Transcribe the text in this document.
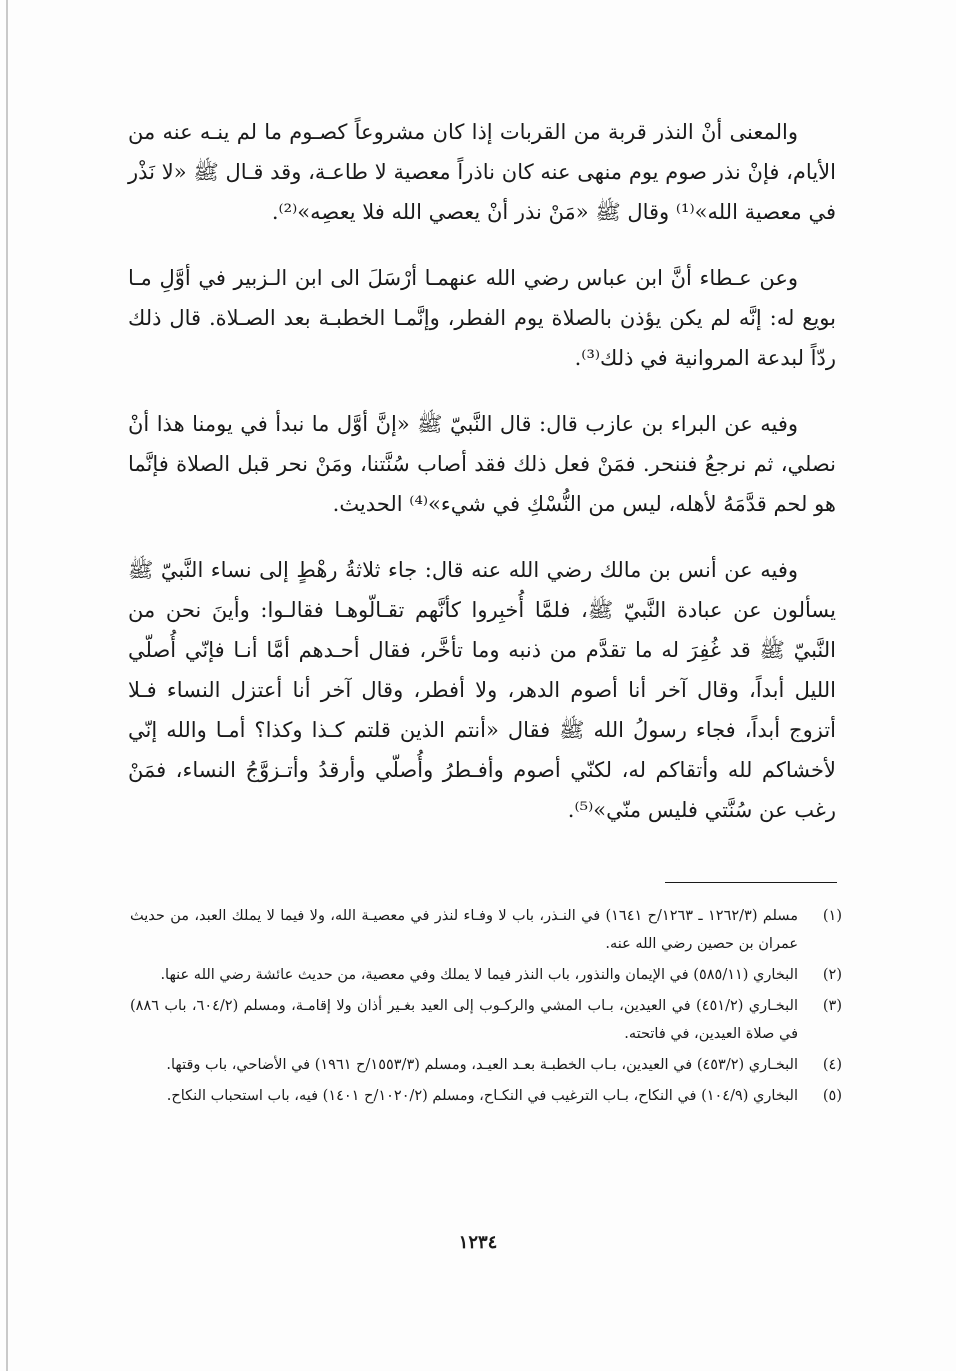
والمعنى أنْ النذر قربة من القربات إذا كان مشروعاً كصـوم ما لم ينـه عنه من الأيام، فإنْ نذر صوم يوم منهى عنه كان ناذراً معصية لا طاعـة، وقد قـال ﷺ «لا نَذْر في معصية الله»⁽¹⁾ وقال ﷺ «مَنْ نذر أنْ يعصي الله فلا يعصِه»⁽²⁾.

وعن عـطاء أنَّ ابن عباس رضي الله عنهمـا أرْسَلَ الى ابن الـزبير في أوَّلِ مـا بويع له: إنَّه لم يكن يؤذن بالصلاة يوم الفطر، وإنَّمـا الخطبـة بعد الصـلاة. قال ذلك ردّاً لبدعة المروانية في ذلك⁽³⁾.

وفيه عن البراء بن عازب قال: قال النَّبيّ ﷺ «إنَّ أوَّل ما نبدأ في يومنا هذا أنْ نصلي، ثم نرجعُ فننحر. فمَنْ فعل ذلك فقد أصاب سُنَّتنا، ومَنْ نحر قبل الصلاة فإنَّما هو لحم قدَّمَهُ لأهله، ليس من النُّسْكِ في شيء»⁽⁴⁾ الحديث.

وفيه عن أنس بن مالك رضي الله عنه قال: جاء ثلاثةُ رهْطٍ إلى نساء النَّبيّ ﷺ يسألون عن عبادة النَّبيّ ﷺ، فلمَّا أُخبِروا كأنَّهم تقـالّوهـا فقالـوا: وأينَ نحن من النَّبيّ ﷺ قد غُفِرَ له ما تقدَّم من ذنبه وما تأخَّر، فقال أحـدهم أمَّا أنـا فإنّي أُصلّي الليل أبداً، وقال آخر أنا أصوم الدهر، ولا أفطر، وقال آخر أنا أعتزل النساء فـلا أتزوج أبداً، فجاء رسولُ الله ﷺ فقال «أنتم الذين قلتم كـذا وكذا؟ أمـا والله إنّي لأخشاكم لله وأتقاكم له، لكنّي أصوم وأفـطرُ وأُصلّي وأرقدُ وأتـزوَّجُ النساء، فمَنْ رغب عن سُنَّتي فليس منّي»⁽⁵⁾.

(١)
مسلم (١٢٦٢/٣ ـ ١٢٦٣/ح ١٦٤١) في النـذر، باب لا وفـاء لنذر في معصيـة الله، ولا فيما لا يملك العبد، من حديث عمران بن حصين رضي الله عنه.
(٢)
البخاري (٥٨٥/١١) في الإيمان والنذور، باب النذر فيما لا يملك وفي معصية، من حديث عائشة رضي الله عنها.
(٣)
البخـاري (٤٥١/٢) في العيدين، بـاب المشي والركـوب إلى العيد بغـير أذان ولا إقامـة، ومسلم (٦٠٤/٢، باب ٨٨٦) في صلاة العيدين، في فاتحته.
(٤)
البخـاري (٤٥٣/٢) في العيدين، بـاب الخطبـة بعـد العيـد، ومسلم (١٥٥٣/٣/ح ١٩٦١) في الأضاحي، باب وقتها.
(٥)
البخاري (١٠٤/٩) في النكاح، بـاب الترغيب في النكـاح، ومسلم (١٠٢٠/٢/ح ١٤٠١) فيه، باب استحباب النكاح.
١٢٣٤
